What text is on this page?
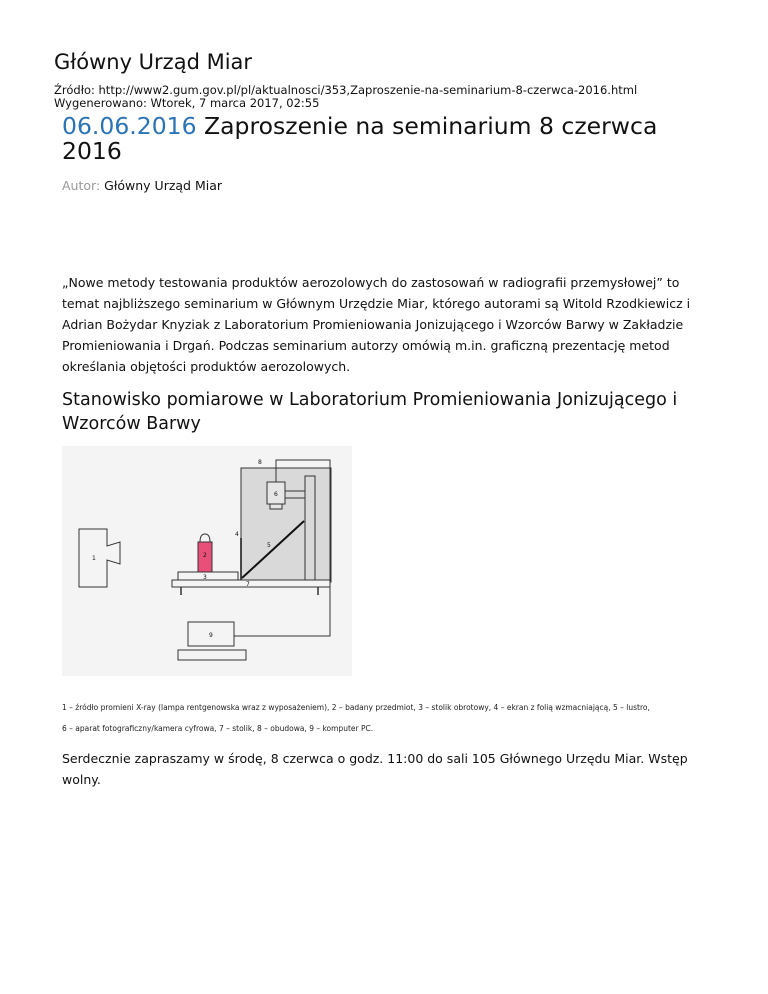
Główny Urząd Miar
Źródło: http://www2.gum.gov.pl/pl/aktualnosci/353,Zaproszenie-na-seminarium-8-czerwca-2016.html
Wygenerowano: Wtorek, 7 marca 2017, 02:55
06.06.2016 Zaproszenie na seminarium 8 czerwca 2016
Autor: Główny Urząd Miar

„Nowe metody testowania produktów aerozolowych do zastosowań w radiografii przemysłowej” to temat najbliższego seminarium w Głównym Urzędzie Miar, którego autorami są Witold Rzodkiewicz i Adrian Bożydar Knyziak z Laboratorium Promieniowania Jonizującego i Wzorców Barwy w Zakładzie Promieniowania i Drgań. Podczas seminarium autorzy omówią m.in. graficzną prezentację metod określania objętości produktów aerozolowych.

Stanowisko pomiarowe w Laboratorium Promieniowania Jonizującego i Wzorców Barwy
1	2
3
4
5
6
7
8
9
1 – źródło promieni X-ray (lampa rentgenowska wraz z wyposażeniem), 2 – badany przedmiot, 3 – stolik obrotowy, 4 – ekran z folią wzmacniającą, 5 – lustro,
6 – aparat fotograficzny/kamera cyfrowa, 7 – stolik, 8 – obudowa, 9 – komputer PC.

Serdecznie zapraszamy w środę, 8 czerwca o godz. 11:00 do sali 105 Głównego Urzędu Miar. Wstęp wolny.
